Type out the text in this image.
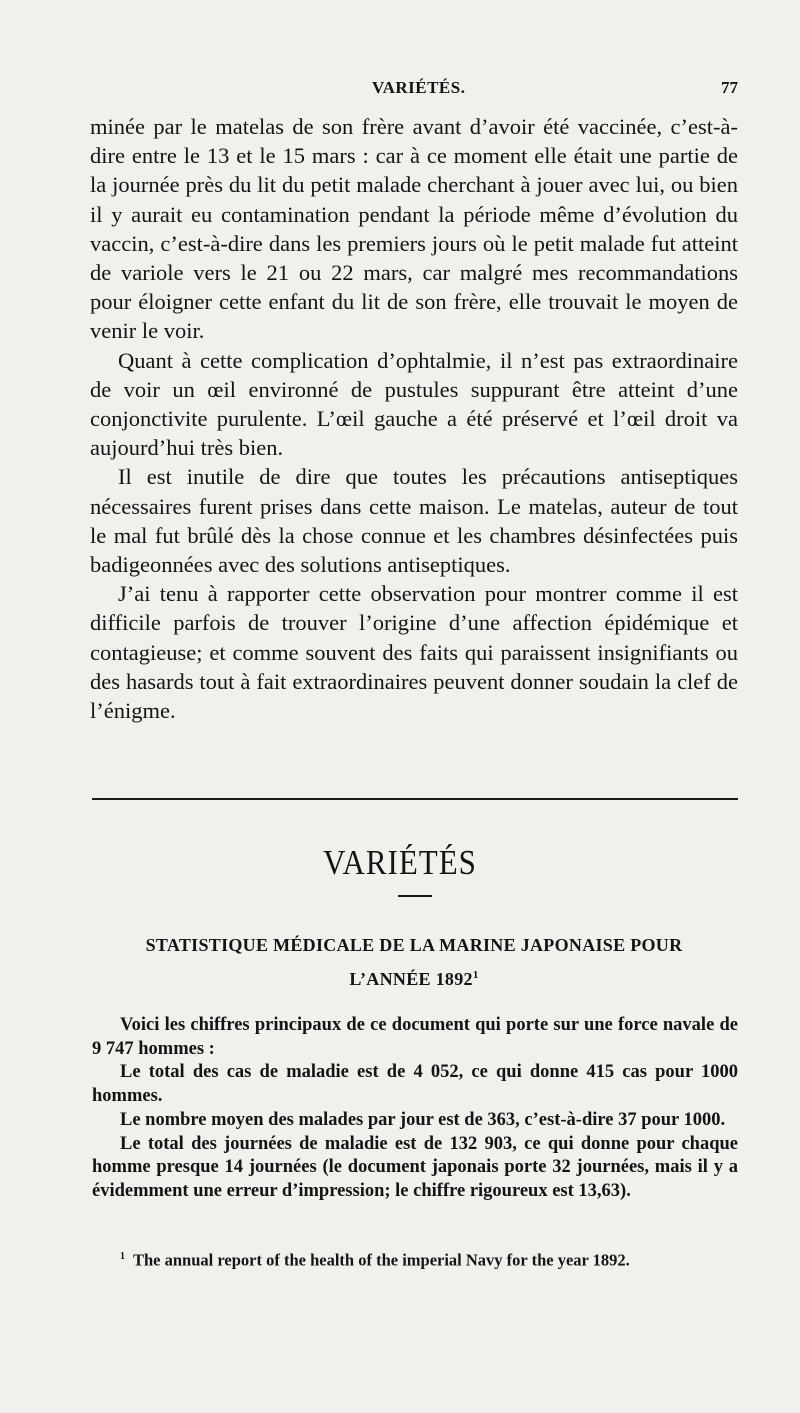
VARIÉTÉS.	77

minée par le matelas de son frère avant d’avoir été vaccinée, c’est-à-dire entre le 13 et le 15 mars : car à ce moment elle était une partie de la journée près du lit du petit malade cherchant à jouer avec lui, ou bien il y aurait eu contamination pendant la période même d’évolution du vaccin, c’est-à-dire dans les premiers jours où le petit malade fut atteint de variole vers le 21 ou 22 mars, car malgré mes recommandations pour éloigner cette enfant du lit de son frère, elle trouvait le moyen de venir le voir.

Quant à cette complication d’ophtalmie, il n’est pas extraordinaire de voir un œil environné de pustules suppurant être atteint d’une conjonctivite purulente. L’œil gauche a été préservé et l’œil droit va aujourd’hui très bien.

Il est inutile de dire que toutes les précautions antiseptiques nécessaires furent prises dans cette maison. Le matelas, auteur de tout le mal fut brûlé dès la chose connue et les chambres désinfectées puis badigeonnées avec des solutions antiseptiques.

J’ai tenu à rapporter cette observation pour montrer comme il est difficile parfois de trouver l’origine d’une affection épidémique et contagieuse; et comme souvent des faits qui paraissent insignifiants ou des hasards tout à fait extraordinaires peuvent donner soudain la clef de l’énigme.

VARIÉTÉS
STATISTIQUE MÉDICALE DE LA MARINE JAPONAISE POUR
L’ANNÉE 1892$^1$

Voici les chiffres principaux de ce document qui porte sur une force navale de 9 747 hommes :

Le total des cas de maladie est de 4 052, ce qui donne 415 cas pour 1000 hommes.

Le nombre moyen des malades par jour est de 363, c’est-à-dire 37 pour 1000.

Le total des journées de maladie est de 132 903, ce qui donne pour chaque homme presque 14 journées (le document japonais porte 32 journées, mais il y a évidemment une erreur d’impression; le chiffre rigoureux est 13,63).

$^1$ The annual report of the health of the imperial Navy for the year 1892.
